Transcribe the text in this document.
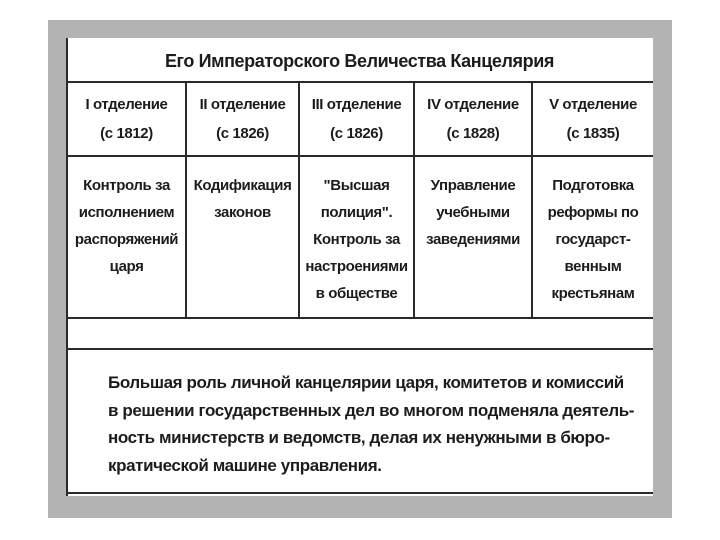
Его Императорского Величества Канцелярия
I отделение
(с 1812)
II отделение
(с 1826)
III отделение
(с 1826)
IV отделение
(с 1828)
V отделение
(с 1835)
Контроль за
исполнением
распоряжений
царя
Кодификация
законов
"Высшая
полиция".
Контроль за
настроениями
в обществе
Управление
учебными
заведениями
Подготовка
реформы по
государст-
венным
крестьянам
Большая роль личной канцелярии царя, комитетов и комиссий
в решении государственных дел во многом подменяла деятель-
ность министерств и ведомств, делая их ненужными в бюро-
кратической машине управления.
